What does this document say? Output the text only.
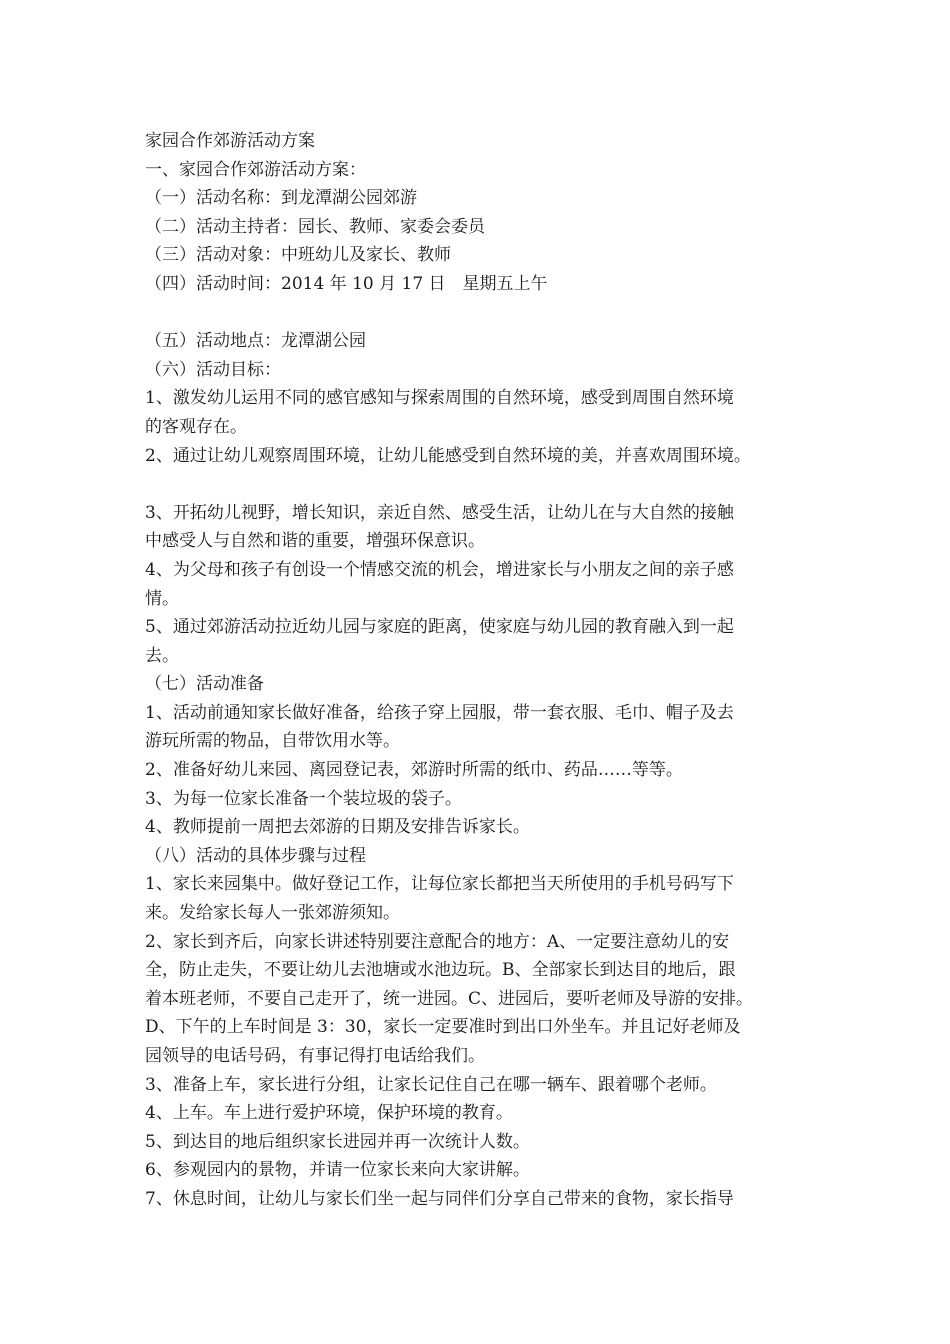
家园合作郊游活动方案
一、家园合作郊游活动方案：
（一）活动名称：到龙潭湖公园郊游
（二）活动主持者：园长、教师、家委会委员
（三）活动对象：中班幼儿及家长、教师
（四）活动时间：2014 年 10 月 17 日　星期五上午
（五）活动地点：龙潭湖公园
（六）活动目标：
1、激发幼儿运用不同的感官感知与探索周围的自然环境，感受到周围自然环境
的客观存在。
2、通过让幼儿观察周围环境，让幼儿能感受到自然环境的美，并喜欢周围环境。
3、开拓幼儿视野，增长知识，亲近自然、感受生活，让幼儿在与大自然的接触
中感受人与自然和谐的重要，增强环保意识。
4、为父母和孩子有创设一个情感交流的机会，增进家长与小朋友之间的亲子感
情。
5、通过郊游活动拉近幼儿园与家庭的距离，使家庭与幼儿园的教育融入到一起
去。
（七）活动准备
1、活动前通知家长做好准备，给孩子穿上园服，带一套衣服、毛巾、帽子及去
游玩所需的物品，自带饮用水等。
2、准备好幼儿来园、离园登记表，郊游时所需的纸巾、药品……等等。
3、为每一位家长准备一个装垃圾的袋子。
4、教师提前一周把去郊游的日期及安排告诉家长。
（八）活动的具体步骤与过程
1、家长来园集中。做好登记工作，让每位家长都把当天所使用的手机号码写下
来。发给家长每人一张郊游须知。
2、家长到齐后，向家长讲述特别要注意配合的地方：A、一定要注意幼儿的安
全，防止走失，不要让幼儿去池塘或水池边玩。B、全部家长到达目的地后，跟
着本班老师，不要自己走开了，统一进园。C、进园后，要听老师及导游的安排。
D、下午的上车时间是 3：30，家长一定要准时到出口外坐车。并且记好老师及
园领导的电话号码，有事记得打电话给我们。
3、准备上车，家长进行分组，让家长记住自己在哪一辆车、跟着哪个老师。
4、上车。车上进行爱护环境，保护环境的教育。
5、到达目的地后组织家长进园并再一次统计人数。
6、参观园内的景物，并请一位家长来向大家讲解。
7、休息时间，让幼儿与家长们坐一起与同伴们分享自己带来的食物，家长指导
